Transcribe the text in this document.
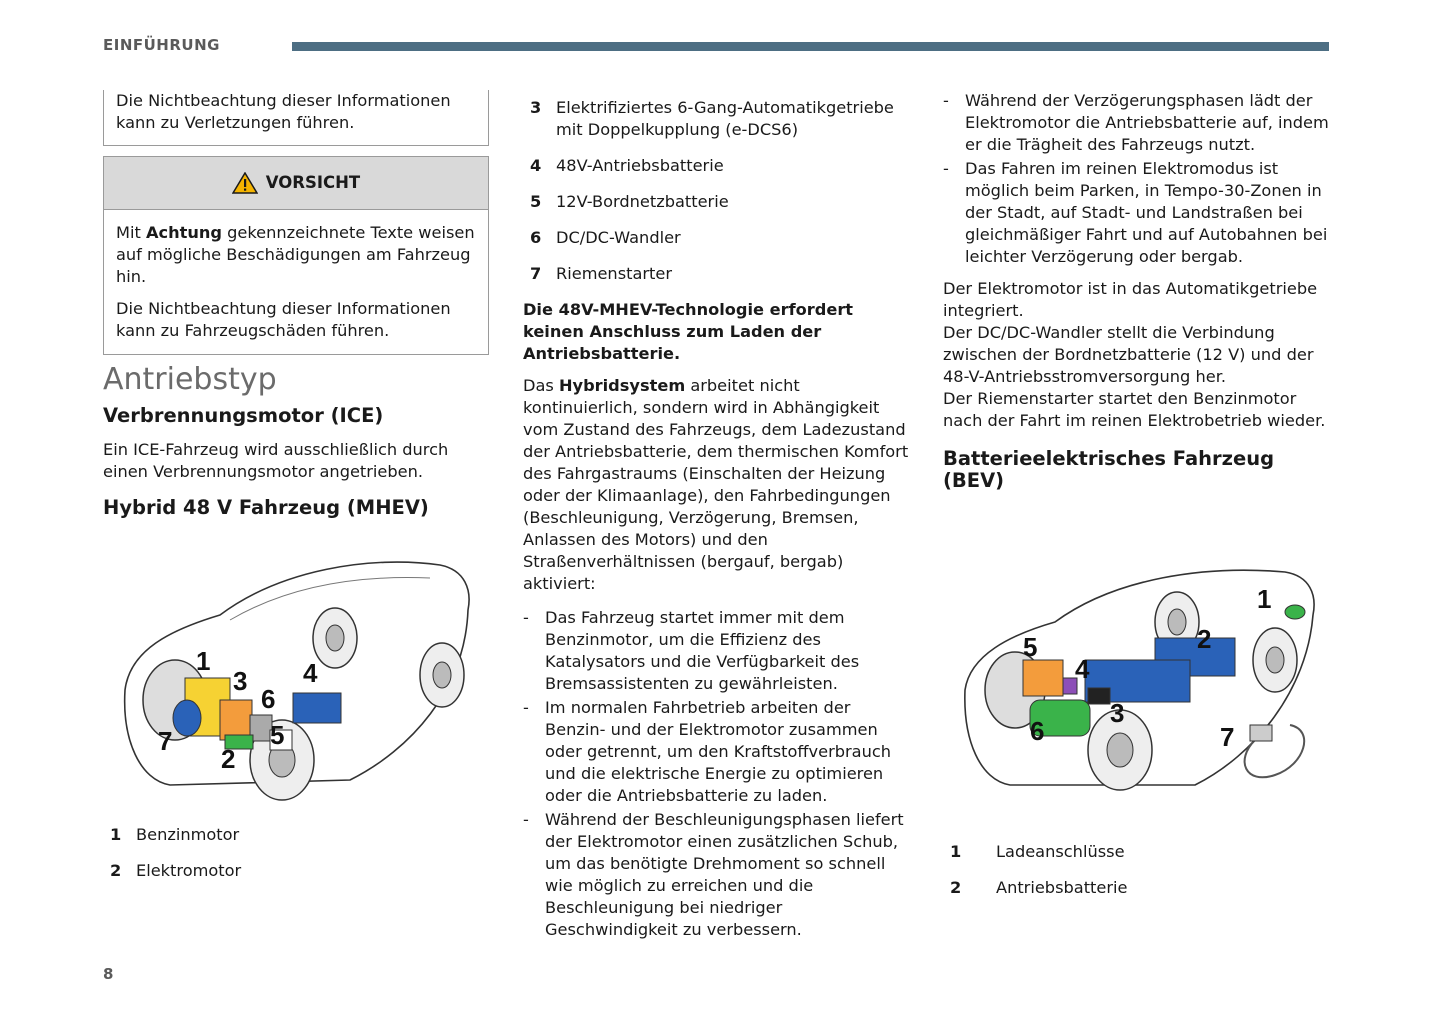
EINFÜHRUNG

Die Nichtbeachtung dieser Informationen kann zu Verletzungen führen.

VORSICHT

Mit Achtung gekennzeichnete Texte weisen auf mögliche Beschädigungen am Fahrzeug hin.

Die Nichtbeachtung dieser Informationen kann zu Fahrzeugschäden führen.

Antriebstyp
Verbrennungsmotor (ICE)

Ein ICE-Fahrzeug wird ausschließlich durch einen Verbrennungsmotor angetrieben.

Hybrid 48 V Fahrzeug (MHEV)
1
3
6
4
5
7
2
1 Benzinmotor
2 Elektromotor
3 Elektrifiziertes 6-Gang-Automatikgetriebe mit Doppelkupplung (e-DCS6)
4 48V-Antriebsbatterie
5 12V-Bordnetzbatterie
6 DC/DC-Wandler
7 Riemenstarter

Die 48V-MHEV-Technologie erfordert keinen Anschluss zum Laden der Antriebsbatterie.

Das Hybridsystem arbeitet nicht kontinuierlich, sondern wird in Abhängigkeit vom Zustand des Fahrzeugs, dem Ladezustand der Antriebsbatterie, dem thermischen Komfort des Fahrgastraums (Einschalten der Heizung oder der Klimaanlage), den Fahrbedingungen (Beschleunigung, Verzögerung, Bremsen, Anlassen des Motors) und den Straßenverhältnissen (bergauf, bergab) aktiviert:

- Das Fahrzeug startet immer mit dem Benzinmotor, um die Effizienz des Katalysators und die Verfügbarkeit des Bremsassistenten zu gewährleisten.
- Im normalen Fahrbetrieb arbeiten der Benzin- und der Elektromotor zusammen oder getrennt, um den Kraftstoffverbrauch und die elektrische Energie zu optimieren oder die Antriebsbatterie zu laden.
- Während der Beschleunigungsphasen liefert der Elektromotor einen zusätzlichen Schub, um das benötigte Drehmoment so schnell wie möglich zu erreichen und die Beschleunigung bei niedriger Geschwindigkeit zu verbessern.
- Während der Verzögerungsphasen lädt der Elektromotor die Antriebsbatterie auf, indem er die Trägheit des Fahrzeugs nutzt.
- Das Fahren im reinen Elektromodus ist möglich beim Parken, in Tempo-30-Zonen in der Stadt, auf Stadt- und Landstraßen bei gleichmäßiger Fahrt und auf Autobahnen bei leichter Verzögerung oder bergab.

Der Elektromotor ist in das Automatikgetriebe integriert.

Der DC/DC-Wandler stellt die Verbindung zwischen der Bordnetzbatterie (12 V) und der 48-V-Antriebsstromversorgung her.

Der Riemenstarter startet den Benzinmotor nach der Fahrt im reinen Elektrobetrieb wieder.

Batterieelektrisches Fahrzeug (BEV)
1
2
5
4
3
6	7
1	Ladeanschlüsse
2	Antriebsbatterie
8
